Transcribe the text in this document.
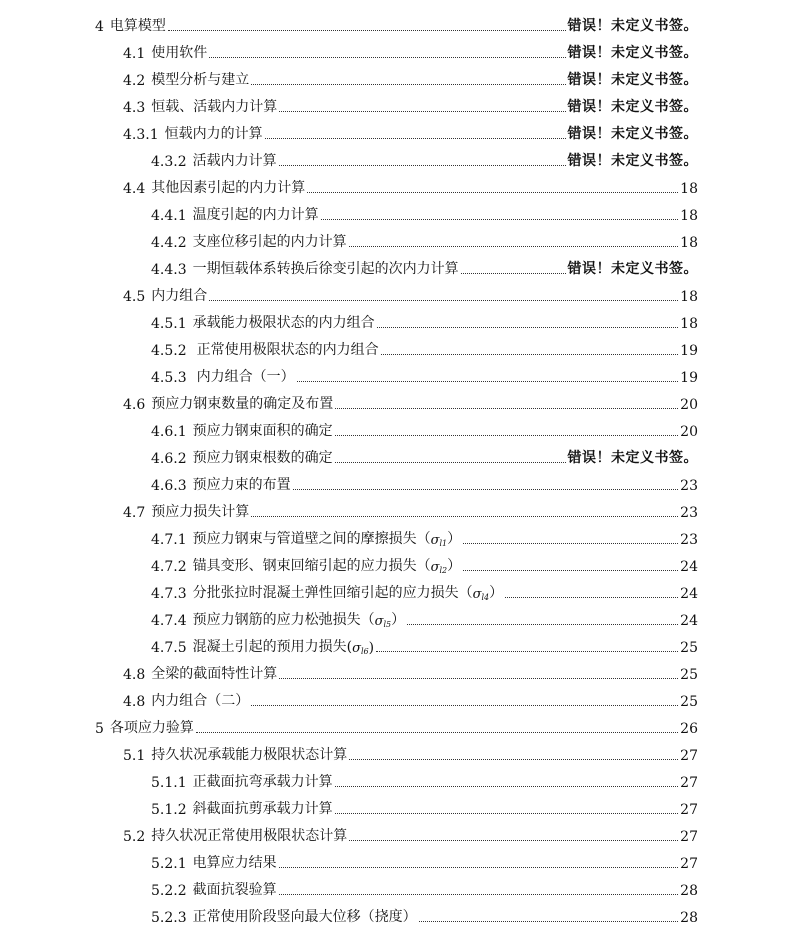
4 电算模型	错误！未定义书签。
4.1 使用软件	错误！未定义书签。
4.2 模型分析与建立	错误！未定义书签。
4.3 恒载、活载内力计算	错误！未定义书签。
4.3.1 恒载内力的计算	错误！未定义书签。
4.3.2 活载内力计算	错误！未定义书签。
4.4 其他因素引起的内力计算	18
4.4.1 温度引起的内力计算	18
4.4.2 支座位移引起的内力计算	18
4.4.3 一期恒载体系转换后徐变引起的次内力计算	错误！未定义书签。
4.5 内力组合	18
4.5.1 承载能力极限状态的内力组合	18
4.5.2 正常使用极限状态的内力组合	19
4.5.3 内力组合（一）	19
4.6 预应力钢束数量的确定及布置	20
4.6.1 预应力钢束面积的确定	20
4.6.2 预应力钢束根数的确定	错误！未定义书签。
4.6.3 预应力束的布置	23
4.7 预应力损失计算	23
4.7.1 预应力钢束与管道壁之间的摩擦损失（ σ l1 ）	23
4.7.2 锚具变形、钢束回缩引起的应力损失（ σ l2 ）	24
4.7.3 分批张拉时混凝土弹性回缩引起的应力损失（ σ l4 ）	24
4.7.4 预应力钢筋的应力松弛损失（ σ l5 ）	24
4.7.5 混凝土引起的预用力损失( σ l6 )	25
4.8 全梁的截面特性计算	25
4.8 内力组合（二）	25
5 各项应力验算	26
5.1 持久状况承载能力极限状态计算	27
5.1.1 正截面抗弯承载力计算	27
5.1.2 斜截面抗剪承载力计算	27
5.2 持久状况正常使用极限状态计算	27
5.2.1 电算应力结果	27
5.2.2 截面抗裂验算	28
5.2.3 正常使用阶段竖向最大位移（挠度）	28
